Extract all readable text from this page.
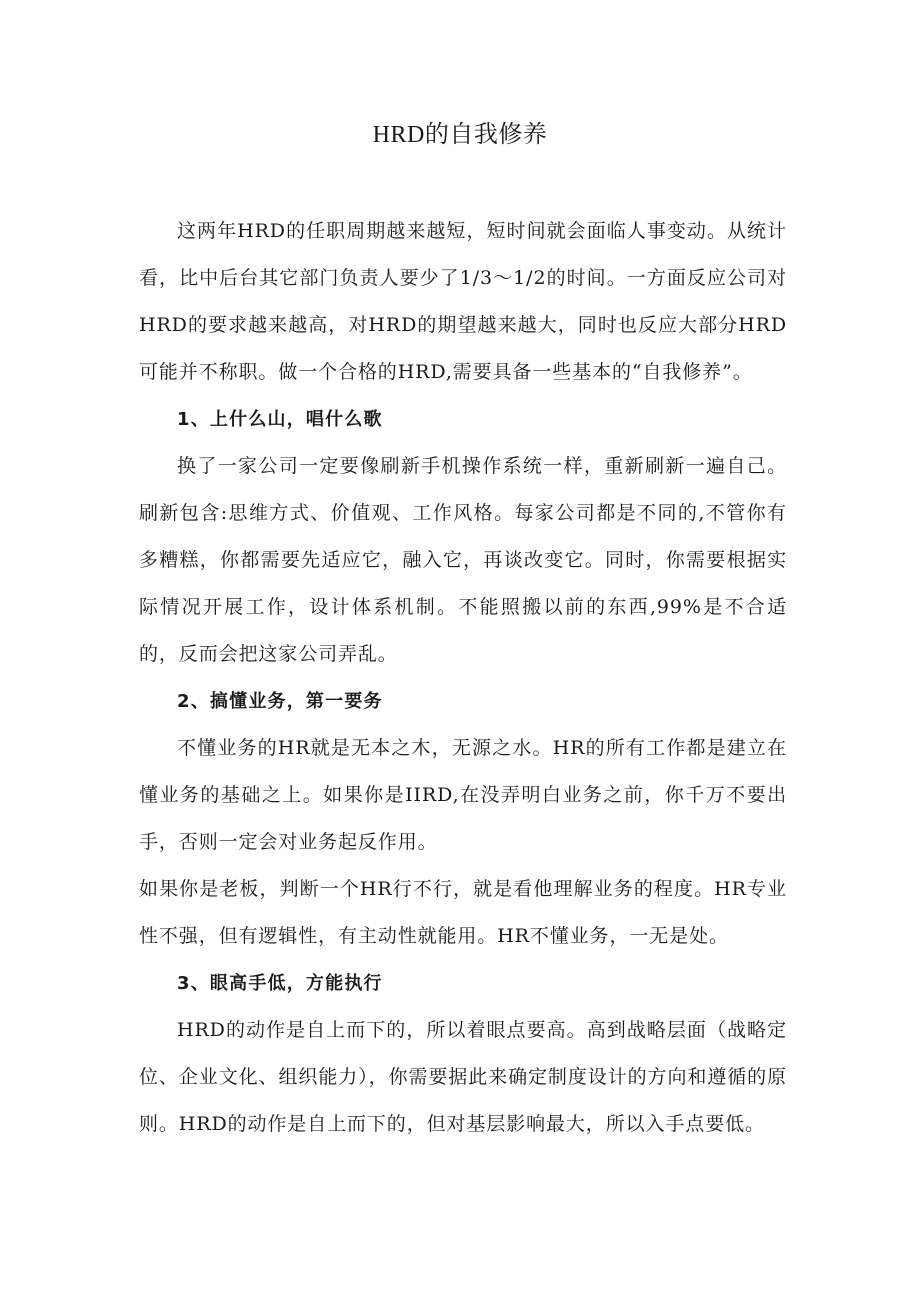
HRD的自我修养

这两年HRD的任职周期越来越短，短时间就会面临人事变动。从统计看，比中后台其它部门负责人要少了1/3～1/2的时间。一方面反应公司对HRD的要求越来越高，对HRD的期望越来越大，同时也反应大部分HRD可能并不称职。做一个合格的HRD,需要具备一些基本的“自我修养”。

1、上什么山，唱什么歌

换了一家公司一定要像刷新手机操作系统一样，重新刷新一遍自己。刷新包含:思维方式、价值观、工作风格。每家公司都是不同的,不管你有多糟糕，你都需要先适应它，融入它，再谈改变它。同时，你需要根据实际情况开展工作，设计体系机制。不能照搬以前的东西,99%是不合适的，反而会把这家公司弄乱。

2、搞懂业务，第一要务

不懂业务的HR就是无本之木，无源之水。HR的所有工作都是建立在懂业务的基础之上。如果你是IIRD,在没弄明白业务之前，你千万不要出手，否则一定会对业务起反作用。

如果你是老板，判断一个HR行不行，就是看他理解业务的程度。HR专业性不强，但有逻辑性，有主动性就能用。HR不懂业务，一无是处。

3、眼高手低，方能执行

HRD的动作是自上而下的，所以着眼点要高。高到战略层面（战略定位、企业文化、组织能力），你需要据此来确定制度设计的方向和遵循的原则。HRD的动作是自上而下的，但对基层影响最大，所以入手点要低。
